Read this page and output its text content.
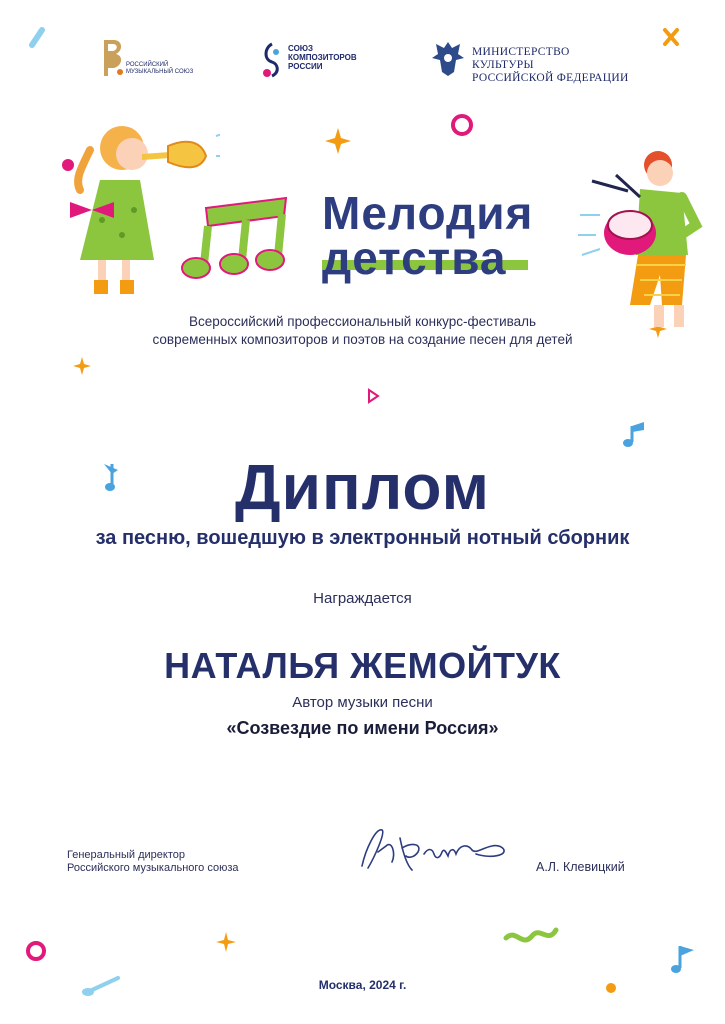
РОССИЙСКИЙ
МУЗЫКАЛЬНЫЙ СОЮЗ
СОЮЗ
КОМПОЗИТОРОВ
РОССИИ
МИНИСТЕРСТВО КУЛЬТУРЫ
РОССИЙСКОЙ ФЕДЕРАЦИИ
Мелодия
детства
Всероссийский профессиональный конкурс-фестиваль
современных композиторов и поэтов на создание песен для детей
Диплом
за песню, вошедшую в электронный нотный сборник
Награждается
НАТАЛЬЯ ЖЕМОЙТУК
Автор музыки песни
«Созвездие по имени Россия»
Генеральный директор
Российского музыкального союза	А.Л. Клевицкий
Москва, 2024 г.
